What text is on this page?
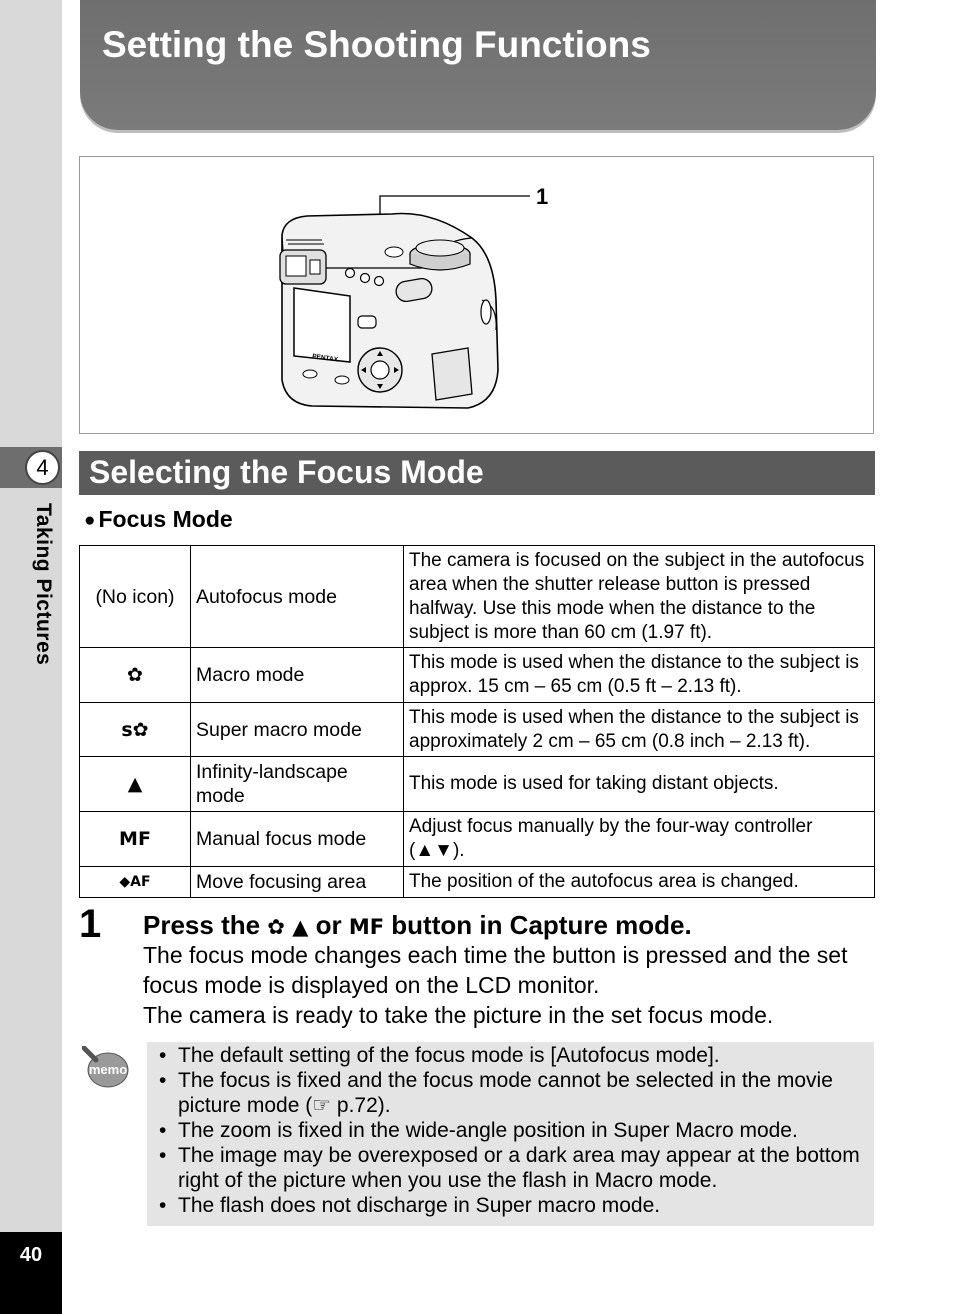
4
Taking Pictures
40
Setting the Shooting Functions
1
PENTAX
Selecting the Focus Mode
● Focus Mode
(No icon)	Autofocus mode	The camera is focused on the subject in the autofocus area when the shutter release button is pressed halfway. Use this mode when the distance to the subject is more than 60 cm (1.97 ft).
✿	Macro mode	This mode is used when the distance to the subject is approx. 15 cm – 65 cm (0.5 ft – 2.13 ft).
s✿	Super macro mode	This mode is used when the distance to the subject is approximately 2 cm – 65 cm (0.8 inch – 2.13 ft).
▲	Infinity-landscape mode	This mode is used for taking distant objects.
MF	Manual focus mode	Adjust focus manually by the four-way controller (▲▼).
◆AF	Move focusing area	The position of the autofocus area is changed.
1 Press the ✿ ▲ or MF button in Capture mode.

The focus mode changes each time the button is pressed and the set focus mode is displayed on the LCD monitor.

The camera is ready to take the picture in the set focus mode.

memo
• The default setting of the focus mode is [Autofocus mode].
• The focus is fixed and the focus mode cannot be selected in the movie picture mode (☞ p.72).
• The zoom is fixed in the wide-angle position in Super Macro mode.
• The image may be overexposed or a dark area may appear at the bottom right of the picture when you use the flash in Macro mode.
• The flash does not discharge in Super macro mode.
